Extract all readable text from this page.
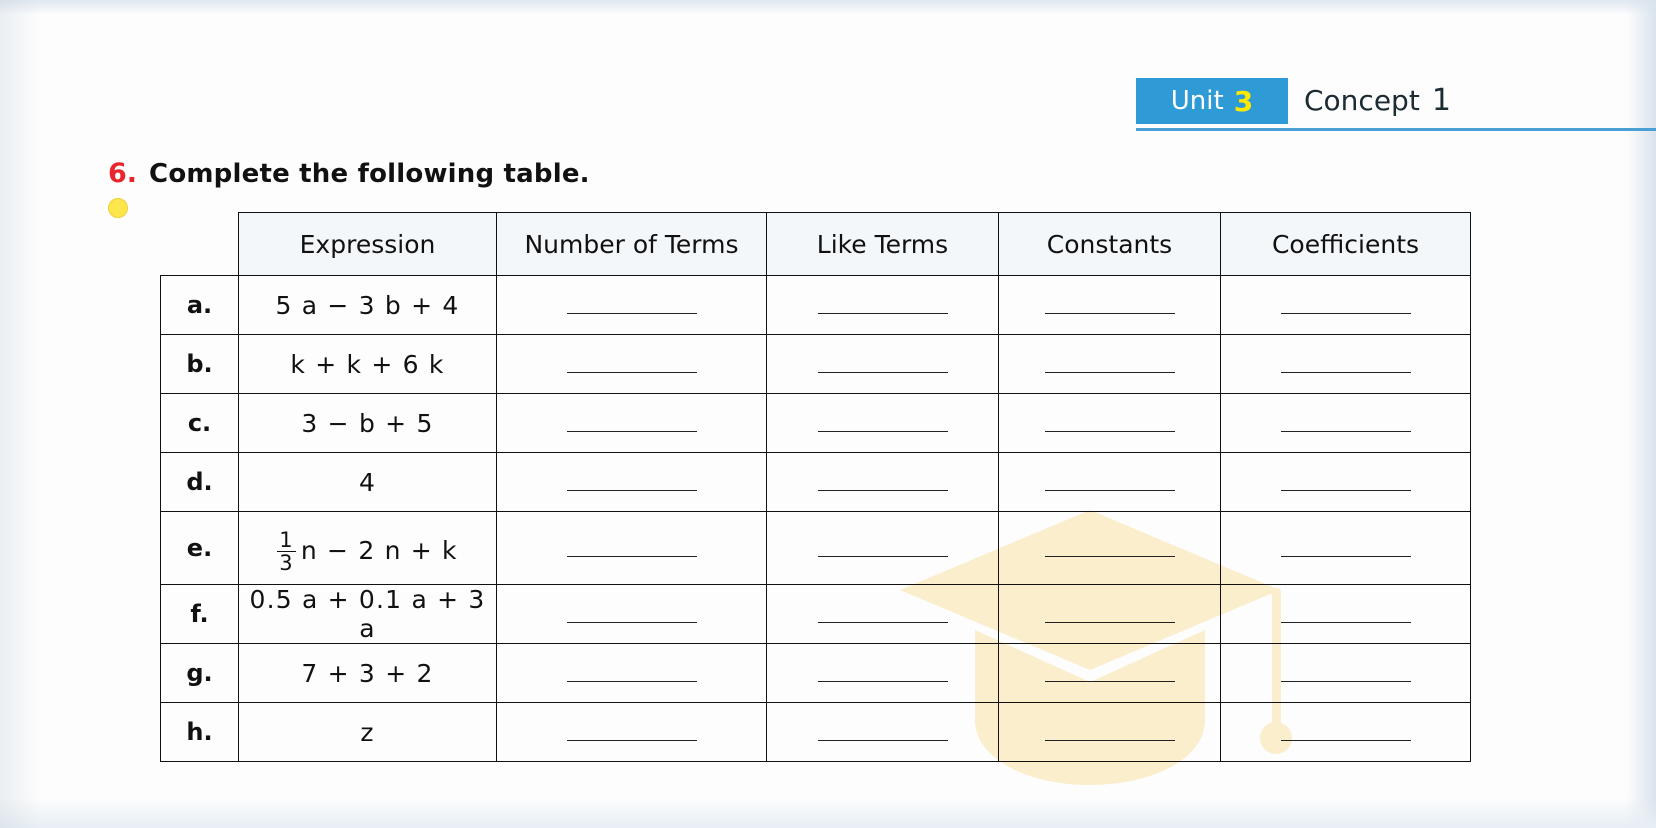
Unit 3 Concept 1
6. Complete the following table.
	Expression	Number of Terms	Like Terms	Constants	Coefficients
a.	5 a − 3 b + 4				

b.	k + k + 6 k				

c.	3 − b + 5				

d.	4				

e.	$\frac{1}{3}$ n − 2 n + k				

f.	0.5 a + 0.1 a + 3 a				

g.	7 + 3 + 2				

h.	z				
